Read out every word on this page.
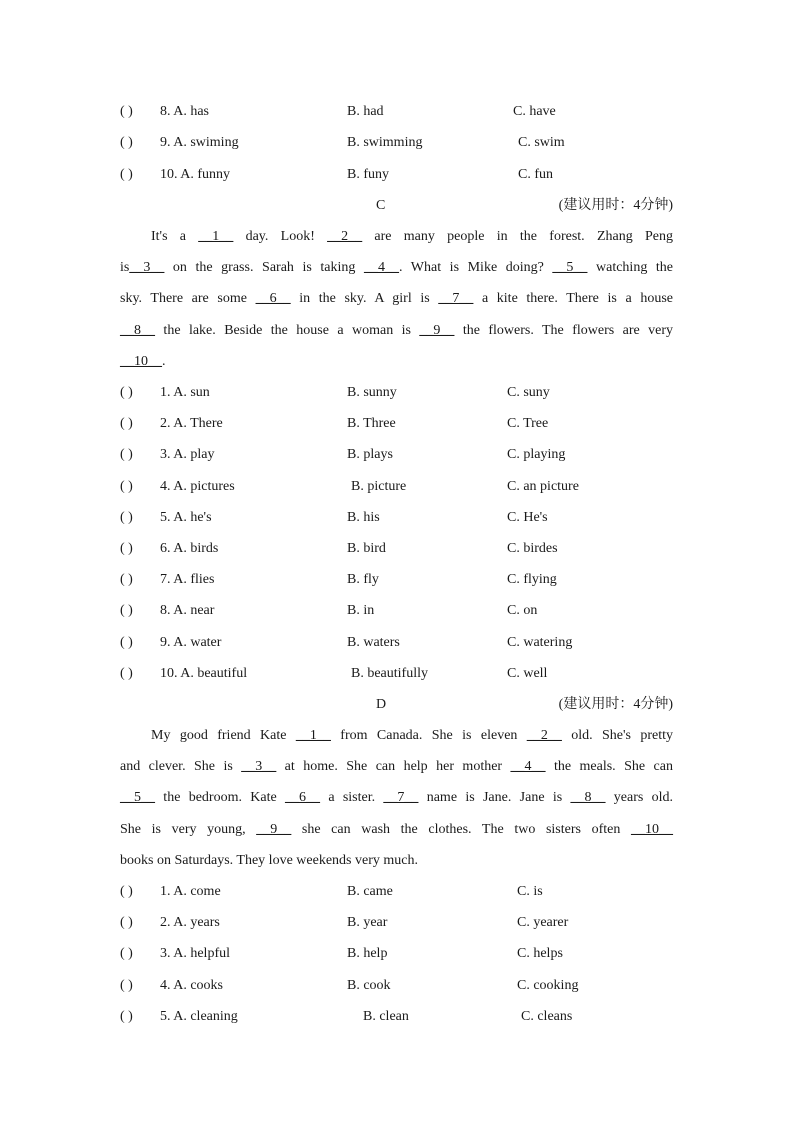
( ) 8. A. has	B. had	C. have
( ) 9. A. swiming	B. swimming	C. swim
( ) 10. A. funny	B. funy	C. fun
C	(建议用时：4分钟)
It's a __1__ day. Look! __2__ are many people in the forest. Zhang Peng
is__3__ on the grass. Sarah is taking __4__. What is Mike doing? __5__ watching the
sky. There are some __6__ in the sky. A girl is __7__ a kite there. There is a house
__8__ the lake. Beside the house a woman is __9__ the flowers. The flowers are very
__10__.
( ) 1. A. sun	B. sunny	C. suny
( ) 2. A. There	B. Three	C. Tree
( ) 3. A. play	B. plays	C. playing
( ) 4. A. pictures	B. picture	C. an picture
( ) 5. A. he's	B. his	C. He's
( ) 6. A. birds	B. bird	C. birdes
( ) 7. A. flies	B. fly	C. flying
( ) 8. A. near	B. in	C. on
( ) 9. A. water	B. waters	C. watering
( ) 10. A. beautiful	B. beautifully	C. well
D	(建议用时：4分钟)
My good friend Kate __1__ from Canada. She is eleven __2__ old. She's pretty
and clever. She is __3__ at home. She can help her mother __4__ the meals. She can
__5__ the bedroom. Kate __6__ a sister. __7__ name is Jane. Jane is __8__ years old.
She is very young, __9__ she can wash the clothes. The two sisters often __10__
books on Saturdays. They love weekends very much.
( ) 1. A. come	B. came	C. is
( ) 2. A. years	B. year	C. yearer
( ) 3. A. helpful	B. help	C. helps
( ) 4. A. cooks	B. cook	C. cooking
( ) 5. A. cleaning	B. clean	C. cleans
